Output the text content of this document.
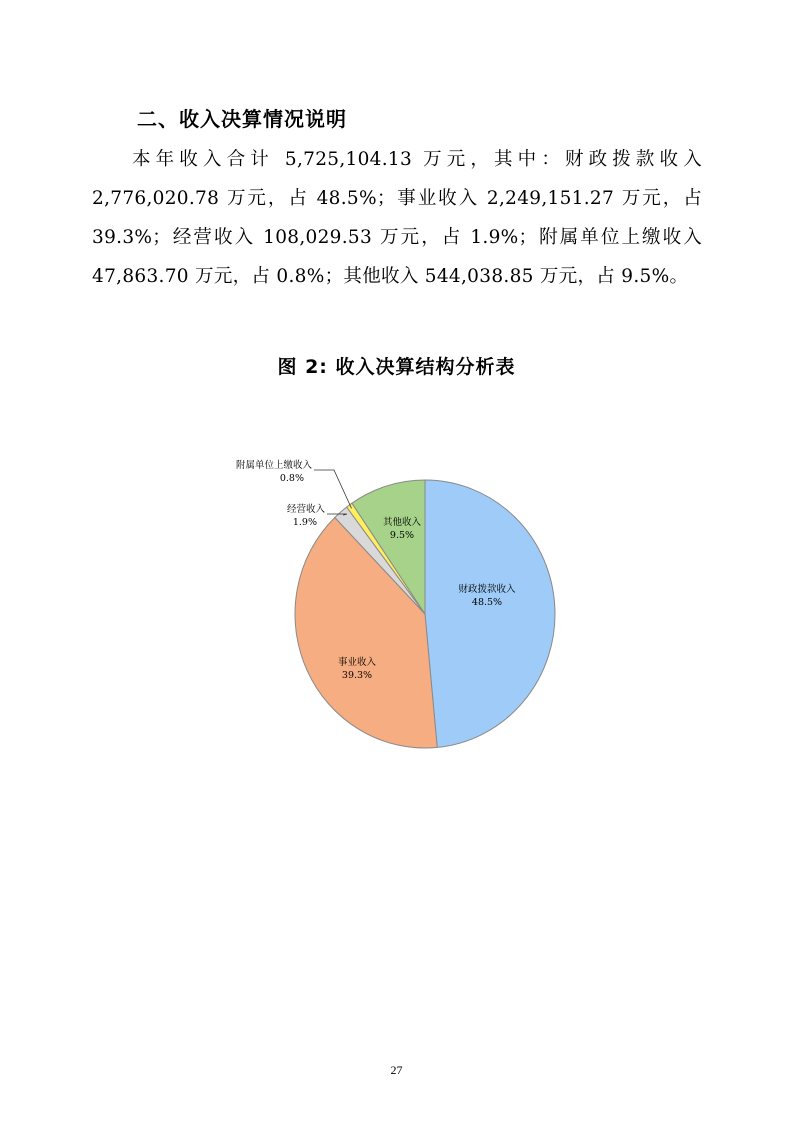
二、收入决算情况说明
本年收入合计 5,725,104.13 万元，其中：财政拨款收入 2,776,020.78 万元，占 48.5%；事业收入 2,249,151.27 万元，占 39.3%；经营收入 108,029.53 万元，占 1.9%；附属单位上缴收入 47,863.70 万元，占 0.8%；其他收入 544,038.85 万元，占 9.5%。
图 2: 收入决算结构分析表
财政拨款收入
48.5%
事业收入
39.3%
经营收入
1.9%
附属单位上缴收入
0.8%
其他收入
9.5%
27
